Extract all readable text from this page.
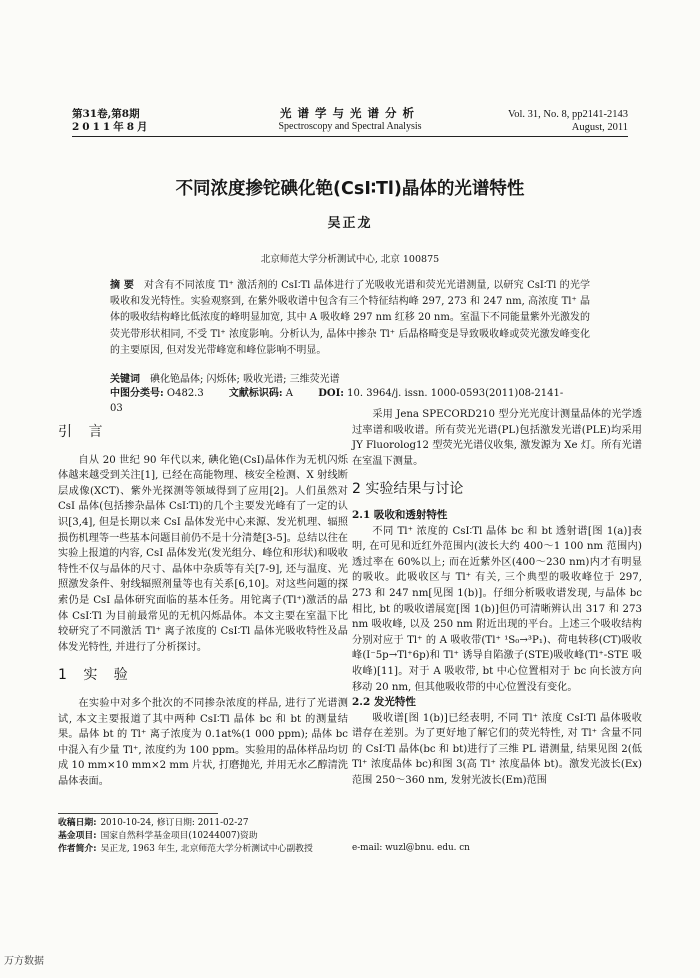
第31卷,第8期
2011年8月
光谱学与光谱分析
Spectroscopy and Spectral Analysis
Vol. 31, No. 8, pp2141-2143
August, 2011
不同浓度掺铊碘化铯(CsI∶Tl)晶体的光谱特性
吴正龙
北京师范大学分析测试中心, 北京 100875
摘 要 对含有不同浓度 Tl⁺ 激活剂的 CsI∶Tl 晶体进行了光吸收光谱和荧光光谱测量, 以研究 CsI∶Tl 的光学吸收和发光特性。实验观察到, 在紫外吸收谱中包含有三个特征结构峰 297, 273 和 247 nm, 高浓度 Tl⁺ 晶体的吸收结构峰比低浓度的峰明显加宽, 其中 A 吸收峰 297 nm 红移 20 nm。室温下不同能量紫外光激发的荧光带形状相同, 不受 Tl⁺ 浓度影响。分析认为, 晶体中掺杂 Tl⁺ 后晶格畸变是导致吸收峰或荧光激发峰变化的主要原因, 但对发光带峰宽和峰位影响不明显。
关键词 碘化铯晶体; 闪烁体; 吸收光谱; 三维荧光谱
中图分类号: O482.3	文献标识码: A	DOI: 10. 3964/j. issn. 1000-0593(2011)08-2141-03
引 言

自从 20 世纪 90 年代以来, 碘化铯(CsI)晶体作为无机闪烁体越来越受到关注[1], 已经在高能物理、核安全检测、X 射线断层成像(XCT)、紫外光探测等领域得到了应用[2]。人们虽然对 CsI 晶体(包括掺杂晶体 CsI∶Tl)的几个主要发光峰有了一定的认识[3,4], 但是长期以来 CsI 晶体发光中心来源、发光机理、辐照损伤机理等一些基本问题目前仍不是十分清楚[3-5]。总结以往在实验上报道的内容, CsI 晶体发光(发光组分、峰位和形状)和吸收特性不仅与晶体的尺寸、晶体中杂质等有关[7-9], 还与温度、光照激发条件、射线辐照剂量等也有关系[6,10]。对这些问题的探索仍是 CsI 晶体研究面临的基本任务。用铊离子(Tl⁺)激活的晶体 CsI∶Tl 为目前最常见的无机闪烁晶体。本文主要在室温下比较研究了不同激活 Tl⁺ 离子浓度的 CsI∶Tl 晶体光吸收特性及晶体发光特性, 并进行了分析探讨。

1 实 验

在实验中对多个批次的不同掺杂浓度的样品, 进行了光谱测试, 本文主要报道了其中两种 CsI∶Tl 晶体 bc 和 bt 的测量结果。晶体 bt 的 Tl⁺ 离子浓度为 0.1at%(1 000 ppm); 晶体 bc 中混入有少量 Tl⁺, 浓度约为 100 ppm。实验用的晶体样品均切成 10 mm×10 mm×2 mm 片状, 打磨抛光, 并用无水乙醇清洗晶体表面。

采用 Jena SPECORD210 型分光光度计测量晶体的光学透过率谱和吸收谱。所有荧光光谱(PL)包括激发光谱(PLE)均采用 JY Fluorolog12 型荧光光谱仪收集, 激发源为 Xe 灯。所有光谱在室温下测量。

2 实验结果与讨论
2.1 吸收和透射特性

不同 Tl⁺ 浓度的 CsI∶Tl 晶体 bc 和 bt 透射谱[图 1(a)]表明, 在可见和近红外范围内(波长大约 400～1 100 nm 范围内)透过率在 60%以上; 而在近紫外区(400～230 nm)内才有明显的吸收。此吸收区与 Tl⁺ 有关, 三个典型的吸收峰位于 297, 273 和 247 nm[见图 1(b)]。仔细分析吸收谱发现, 与晶体 bc 相比, bt 的吸收谱展宽[图 1(b)]但仍可清晰辨认出 317 和 273 nm 吸收峰, 以及 250 nm 附近出现的平台。上述三个吸收结构分别对应于 Tl⁺ 的 A 吸收带(Tl⁺ ¹S₀→³P₁)、荷电转移(CT)吸收峰(I⁻5p→Tl⁺6p)和 Tl⁺ 诱导自陷激子(STE)吸收峰(Tl⁺-STE 吸收峰)[11]。对于 A 吸收带, bt 中心位置相对于 bc 向长波方向移动 20 nm, 但其他吸收带的中心位置没有变化。

2.2 发光特性

吸收谱[图 1(b)]已经表明, 不同 Tl⁺ 浓度 CsI∶Tl 晶体吸收谱存在差别。为了更好地了解它们的荧光特性, 对 Tl⁺ 含量不同的 CsI∶Tl 晶体(bc 和 bt)进行了三维 PL 谱测量, 结果见图 2(低 Tl⁺ 浓度晶体 bc)和图 3(高 Tl⁺ 浓度晶体 bt)。激发光波长(Ex)范围 250～360 nm, 发射光波长(Em)范围

收稿日期: 2010-10-24, 修订日期: 2011-02-27
基金项目: 国家自然科学基金项目(10244007)资助
作者简介: 吴正龙, 1963 年生, 北京师范大学分析测试中心副教授	e-mail: wuzl@bnu. edu. cn
万方数据
